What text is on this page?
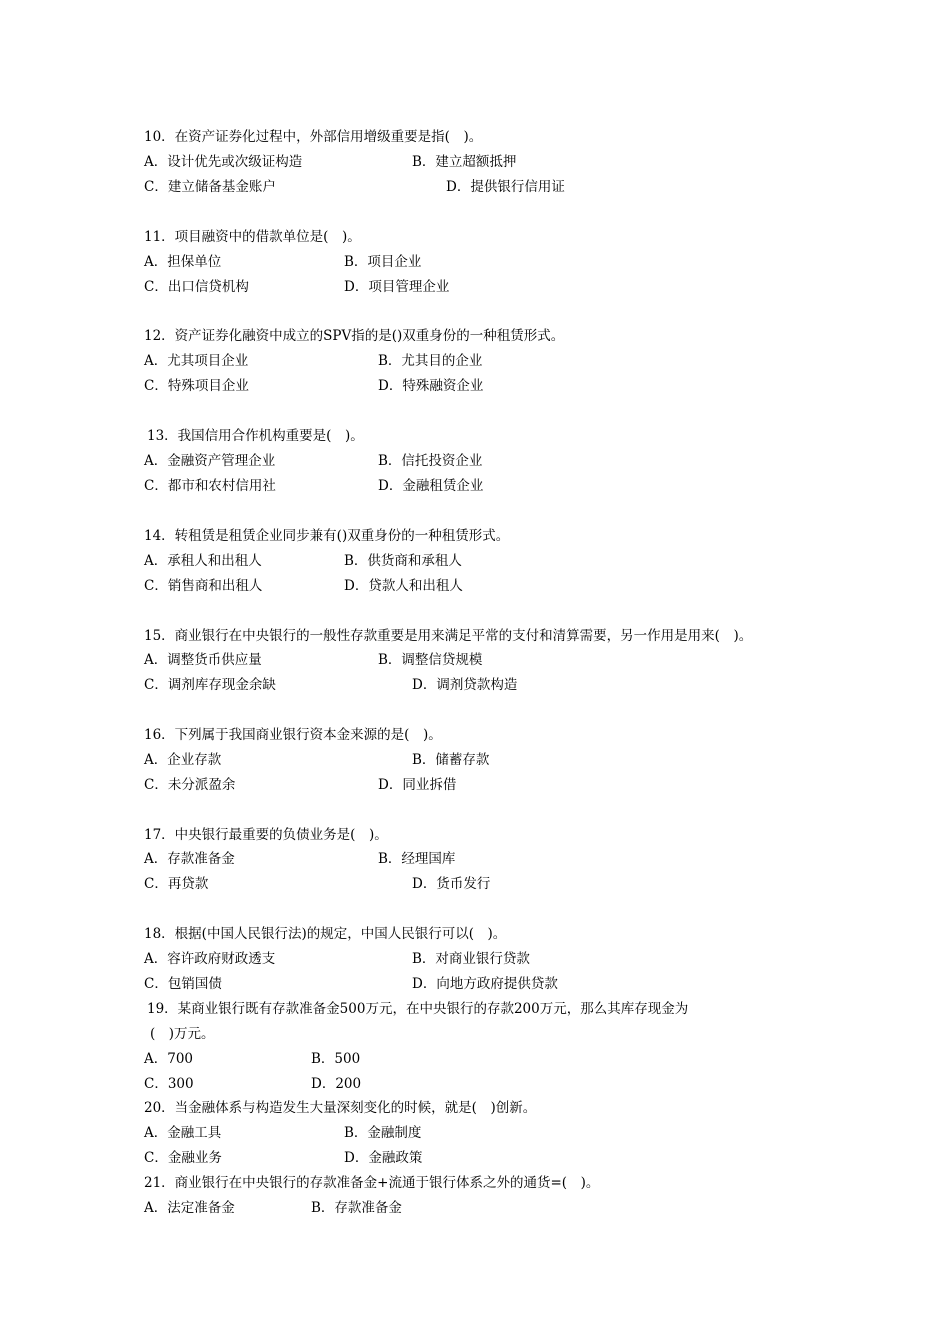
10．在资产证券化过程中，外部信用增级重要是指(　)。
A．设计优先或次级证构造	B．建立超额抵押
C．建立储备基金账户	D．提供银行信用证
11．项目融资中的借款单位是(　)。
A．担保单位	B．项目企业
C．出口信贷机构	D．项目管理企业
12．资产证券化融资中成立的SPV指的是()双重身份的一种租赁形式。
A．尤其项目企业	B．尤其目的企业
C．特殊项目企业	D．特殊融资企业
13．我国信用合作机构重要是(　)。
A．金融资产管理企业	B．信托投资企业
C．都市和农村信用社	D．金融租赁企业
14．转租赁是租赁企业同步兼有()双重身份的一种租赁形式。
A．承租人和出租人	B．供货商和承租人
C．销售商和出租人	D．贷款人和出租人
15．商业银行在中央银行的一般性存款重要是用来满足平常的支付和清算需要，另一作用是用来(　)。
A．调整货币供应量	B．调整信贷规模
C．调剂库存现金余缺	D．调剂贷款构造
16．下列属于我国商业银行资本金来源的是(　)。
A．企业存款	B．储蓄存款
C．未分派盈余	D．同业拆借
17．中央银行最重要的负债业务是(　)。
A．存款准备金	B．经理国库
C．再贷款	D．货币发行
18．根据(中国人民银行法)的规定，中国人民银行可以(　)。
A．容许政府财政透支	B．对商业银行贷款
C．包销国债	D．向地方政府提供贷款
19．某商业银行既有存款准备金500万元，在中央银行的存款200万元，那么其库存现金为
(　)万元。
A．700	B．500
C．300	D．200
20．当金融体系与构造发生大量深刻变化的时候，就是(　)创新。
A．金融工具	B．金融制度
C．金融业务	D．金融政策
21．商业银行在中央银行的存款准备金+流通于银行体系之外的通货=(　)。
A．法定准备金	B．存款准备金
